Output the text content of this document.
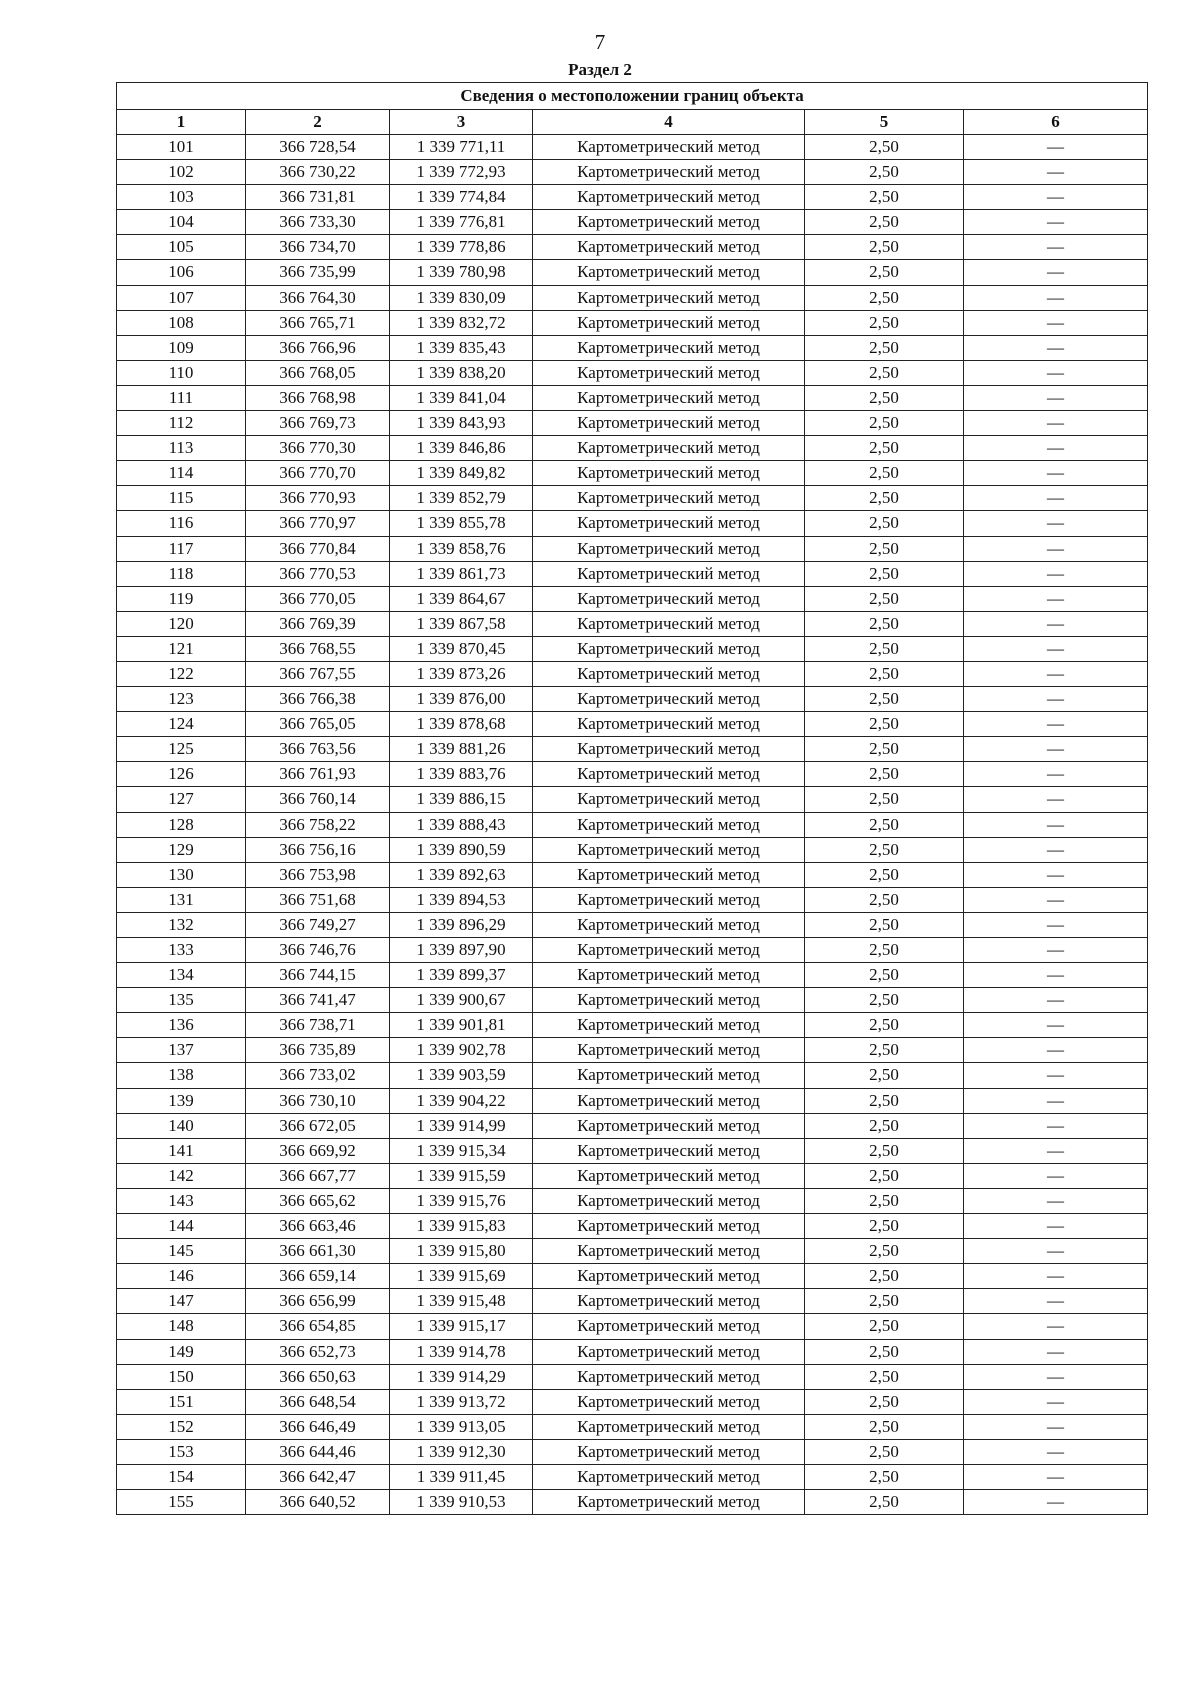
7
Раздел 2
Сведения о местоположении границ объекта					
1	2	3	4	5	6
101	366 728,54	1 339 771,11	Картометрический метод	2,50	—
102	366 730,22	1 339 772,93	Картометрический метод	2,50	—
103	366 731,81	1 339 774,84	Картометрический метод	2,50	—
104	366 733,30	1 339 776,81	Картометрический метод	2,50	—
105	366 734,70	1 339 778,86	Картометрический метод	2,50	—
106	366 735,99	1 339 780,98	Картометрический метод	2,50	—
107	366 764,30	1 339 830,09	Картометрический метод	2,50	—
108	366 765,71	1 339 832,72	Картометрический метод	2,50	—
109	366 766,96	1 339 835,43	Картометрический метод	2,50	—
110	366 768,05	1 339 838,20	Картометрический метод	2,50	—
111	366 768,98	1 339 841,04	Картометрический метод	2,50	—
112	366 769,73	1 339 843,93	Картометрический метод	2,50	—
113	366 770,30	1 339 846,86	Картометрический метод	2,50	—
114	366 770,70	1 339 849,82	Картометрический метод	2,50	—
115	366 770,93	1 339 852,79	Картометрический метод	2,50	—
116	366 770,97	1 339 855,78	Картометрический метод	2,50	—
117	366 770,84	1 339 858,76	Картометрический метод	2,50	—
118	366 770,53	1 339 861,73	Картометрический метод	2,50	—
119	366 770,05	1 339 864,67	Картометрический метод	2,50	—
120	366 769,39	1 339 867,58	Картометрический метод	2,50	—
121	366 768,55	1 339 870,45	Картометрический метод	2,50	—
122	366 767,55	1 339 873,26	Картометрический метод	2,50	—
123	366 766,38	1 339 876,00	Картометрический метод	2,50	—
124	366 765,05	1 339 878,68	Картометрический метод	2,50	—
125	366 763,56	1 339 881,26	Картометрический метод	2,50	—
126	366 761,93	1 339 883,76	Картометрический метод	2,50	—
127	366 760,14	1 339 886,15	Картометрический метод	2,50	—
128	366 758,22	1 339 888,43	Картометрический метод	2,50	—
129	366 756,16	1 339 890,59	Картометрический метод	2,50	—
130	366 753,98	1 339 892,63	Картометрический метод	2,50	—
131	366 751,68	1 339 894,53	Картометрический метод	2,50	—
132	366 749,27	1 339 896,29	Картометрический метод	2,50	—
133	366 746,76	1 339 897,90	Картометрический метод	2,50	—
134	366 744,15	1 339 899,37	Картометрический метод	2,50	—
135	366 741,47	1 339 900,67	Картометрический метод	2,50	—
136	366 738,71	1 339 901,81	Картометрический метод	2,50	—
137	366 735,89	1 339 902,78	Картометрический метод	2,50	—
138	366 733,02	1 339 903,59	Картометрический метод	2,50	—
139	366 730,10	1 339 904,22	Картометрический метод	2,50	—
140	366 672,05	1 339 914,99	Картометрический метод	2,50	—
141	366 669,92	1 339 915,34	Картометрический метод	2,50	—
142	366 667,77	1 339 915,59	Картометрический метод	2,50	—
143	366 665,62	1 339 915,76	Картометрический метод	2,50	—
144	366 663,46	1 339 915,83	Картометрический метод	2,50	—
145	366 661,30	1 339 915,80	Картометрический метод	2,50	—
146	366 659,14	1 339 915,69	Картометрический метод	2,50	—
147	366 656,99	1 339 915,48	Картометрический метод	2,50	—
148	366 654,85	1 339 915,17	Картометрический метод	2,50	—
149	366 652,73	1 339 914,78	Картометрический метод	2,50	—
150	366 650,63	1 339 914,29	Картометрический метод	2,50	—
151	366 648,54	1 339 913,72	Картометрический метод	2,50	—
152	366 646,49	1 339 913,05	Картометрический метод	2,50	—
153	366 644,46	1 339 912,30	Картометрический метод	2,50	—
154	366 642,47	1 339 911,45	Картометрический метод	2,50	—
155	366 640,52	1 339 910,53	Картометрический метод	2,50	—
